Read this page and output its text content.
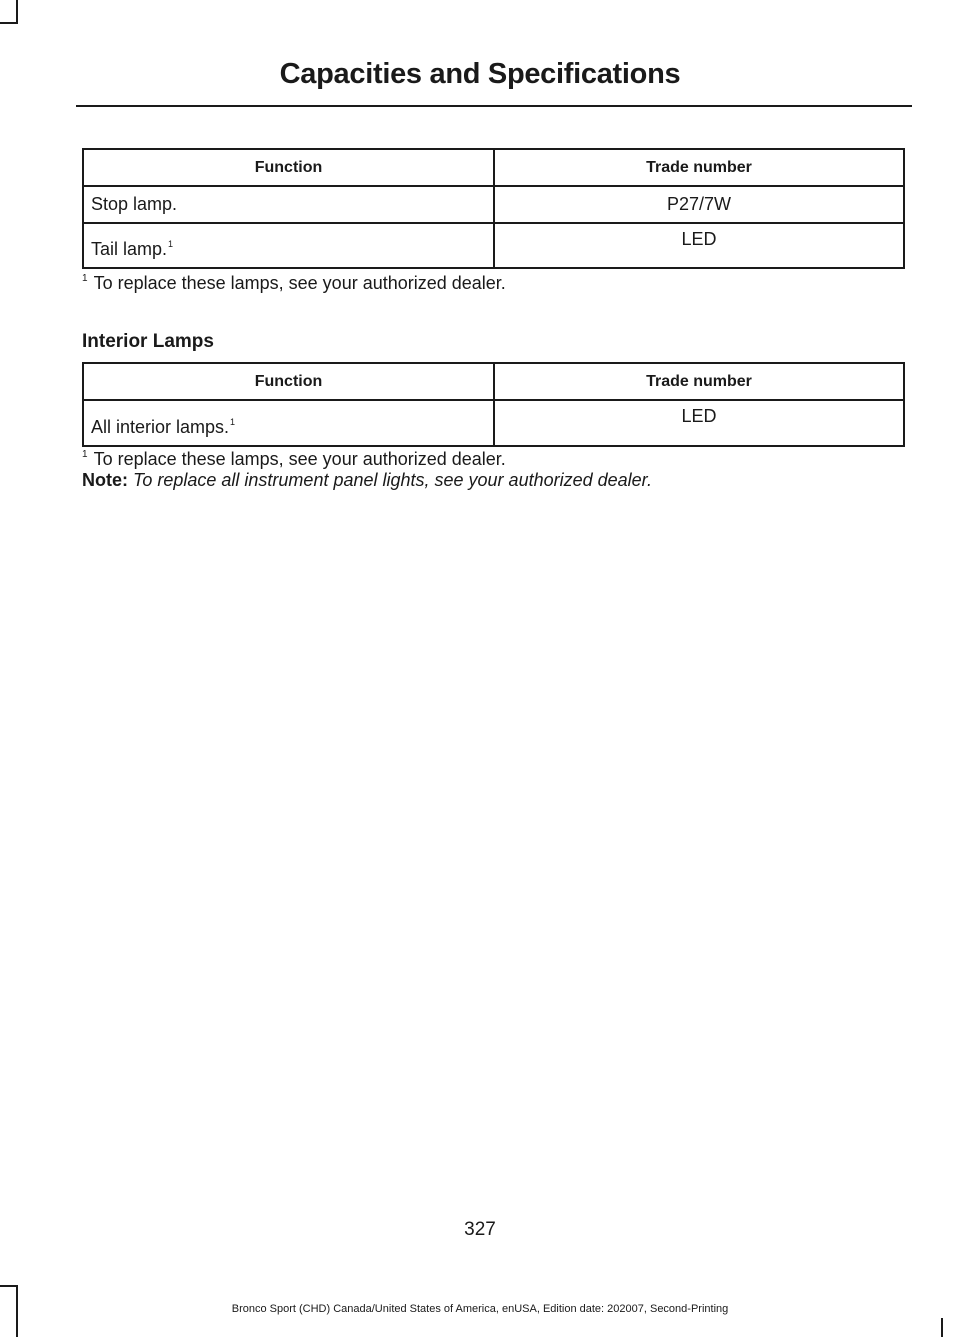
Capacities and Specifications
Function	Trade number
Stop lamp.	P27/7W
Tail lamp.$^1$	LED
$^1$ To replace these lamps, see your authorized dealer.
Interior Lamps
Function	Trade number
All interior lamps.$^1$	LED
$^1$ To replace these lamps, see your authorized dealer.
Note: To replace all instrument panel lights, see your authorized dealer.
327
Bronco Sport (CHD) Canada/United States of America, enUSA, Edition date: 202007, Second-Printing
